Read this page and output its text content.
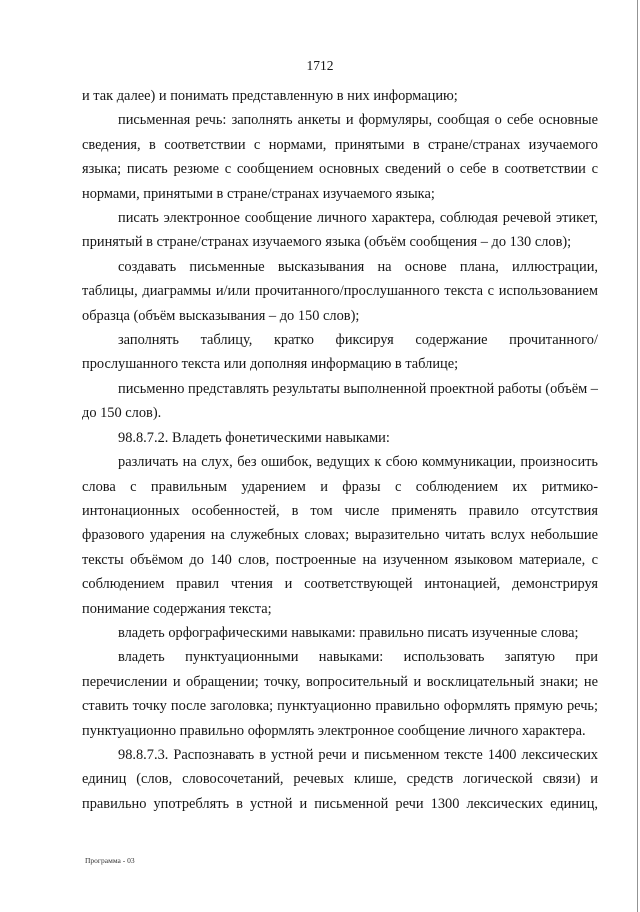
1712

и так далее) и понимать представленную в них информацию;

письменная речь: заполнять анкеты и формуляры, сообщая о себе основные сведения, в соответствии с нормами, принятыми в стране/странах изучаемого языка; писать резюме с сообщением основных сведений о себе в соответствии с нормами, принятыми в стране/странах изучаемого языка;

писать электронное сообщение личного характера, соблюдая речевой этикет, принятый в стране/странах изучаемого языка (объём сообщения – до 130 слов);

создавать письменные высказывания на основе плана, иллюстрации, таблицы, диаграммы и/или прочитанного/прослушанного текста с использованием образца (объём высказывания – до 150 слов);

заполнять таблицу, кратко фиксируя содержание прочитанного/ прослушанного текста или дополняя информацию в таблице;

письменно представлять результаты выполненной проектной работы (объём – до 150 слов).

98.8.7.2. Владеть фонетическими навыками:

различать на слух, без ошибок, ведущих к сбою коммуникации, произносить слова с правильным ударением и фразы с соблюдением их ритмико-интонационных особенностей, в том числе применять правило отсутствия фразового ударения на служебных словах; выразительно читать вслух небольшие тексты объёмом до 140 слов, построенные на изученном языковом материале, с соблюдением правил чтения и соответствующей интонацией, демонстрируя понимание содержания текста;

владеть орфографическими навыками: правильно писать изученные слова;

владеть пунктуационными навыками: использовать запятую при перечислении и обращении; точку, вопросительный и восклицательный знаки; не ставить точку после заголовка; пунктуационно правильно оформлять прямую речь; пунктуационно правильно оформлять электронное сообщение личного характера.

98.8.7.3. Распознавать в устной речи и письменном тексте 1400 лексических единиц (слов, словосочетаний, речевых клише, средств логической связи) и правильно употреблять в устной и письменной речи 1300 лексических единиц,

Программа - 03
